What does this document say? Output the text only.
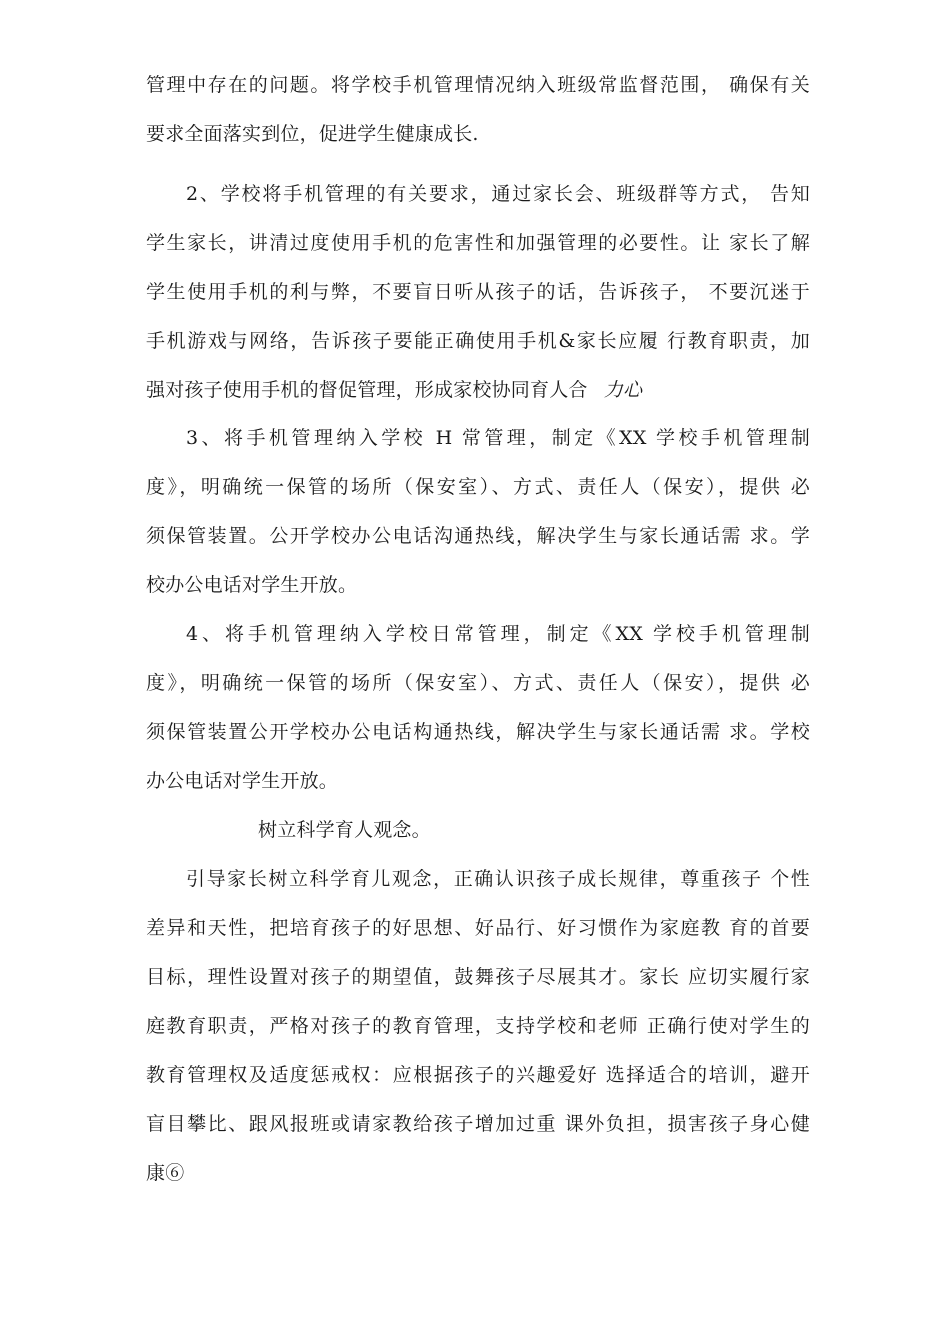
管理中存在的问题。将学校手机管理情况纳入班级常监督范围， 确保有关
要求全面落实到位，促进学生健康成长.
2、学校将手机管理的有关要求，通过家长会、班级群等方式， 告知
学生家长，讲清过度使用手机的危害性和加强管理的必要性。让 家长了解
学生使用手机的利与弊，不要盲日听从孩子的话，告诉孩子， 不要沉迷于
手机游戏与网络，告诉孩子要能正确使用手机&家长应履 行教育职责，加
强对孩子使用手机的督促管理，形成家校协同育人合 力心
3、将手机管理纳入学校 H 常管理，制定《XX 学校手机管理制
度》，明确统一保管的场所（保安室）、方式、责任人（保安），提供 必
须保管装置。公开学校办公电话沟通热线，解决学生与家长通话需 求。学
校办公电话对学生开放。
4、将手机管理纳入学校日常管理，制定《XX 学校手机管理制
度》，明确统一保管的场所（保安室）、方式、责任人（保安），提供 必
须保管装置公开学校办公电话构通热线，解决学生与家长通话需 求。学校
办公电话对学生开放。
树立科学育人观念。
引导家长树立科学育儿观念，正确认识孩子成长规律，尊重孩子 个性
差异和天性，把培育孩子的好思想、好品行、好习惯作为家庭教 育的首要
目标，理性设置对孩子的期望值，鼓舞孩子尽展其才。家长 应切实履行家
庭教育职责，严格对孩子的教育管理，支持学校和老师 正确行使对学生的
教育管理权及适度惩戒权：应根据孩子的兴趣爱好 选择适合的培训，避开
盲目攀比、跟风报班或请家教给孩子增加过重 课外负担，损害孩子身心健
康⑥
